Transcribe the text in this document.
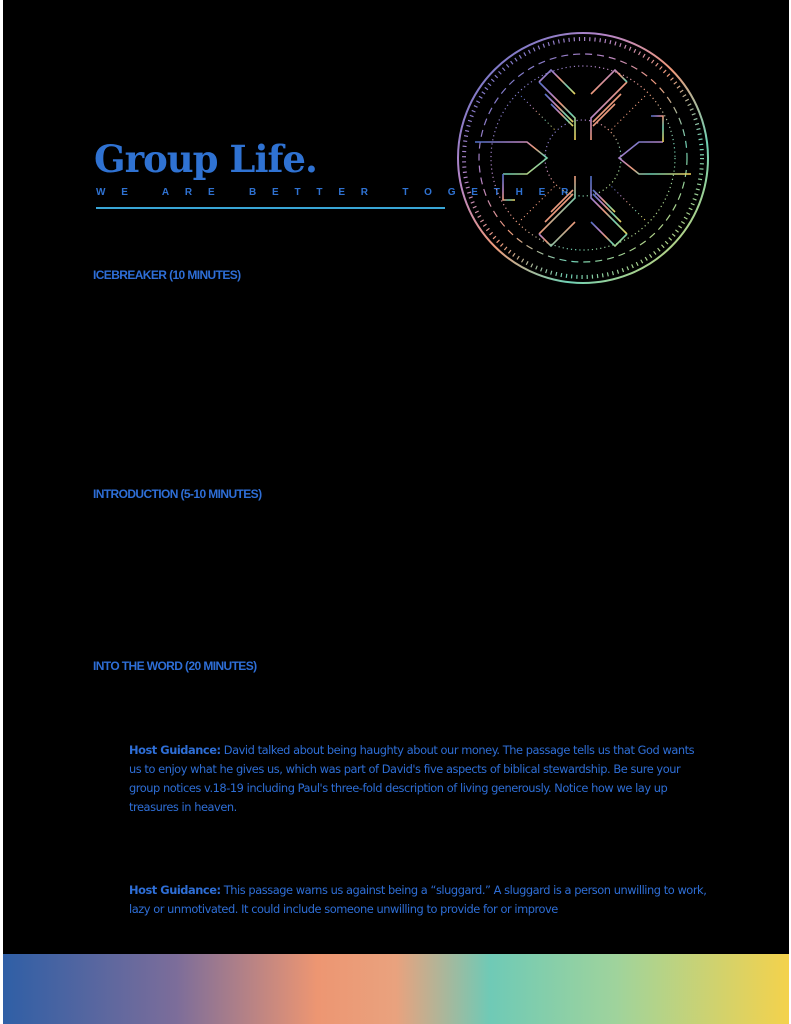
Group Life.
WE ARE BETTER TOGETHER
ICEBREAKER (10 MINUTES)
INTRODUCTION (5-10 MINUTES)
INTO THE WORD (20 MINUTES)

Host Guidance: David talked about being haughty about our money. The passage tells us that God wants us to enjoy what he gives us, which was part of David's five aspects of biblical stewardship. Be sure your group notices v.18-19 including Paul's three-fold description of living generously. Notice how we lay up treasures in heaven.

Host Guidance: This passage warns us against being a “sluggard.” A sluggard is a person unwilling to work, lazy or unmotivated. It could include someone unwilling to provide for or improve
